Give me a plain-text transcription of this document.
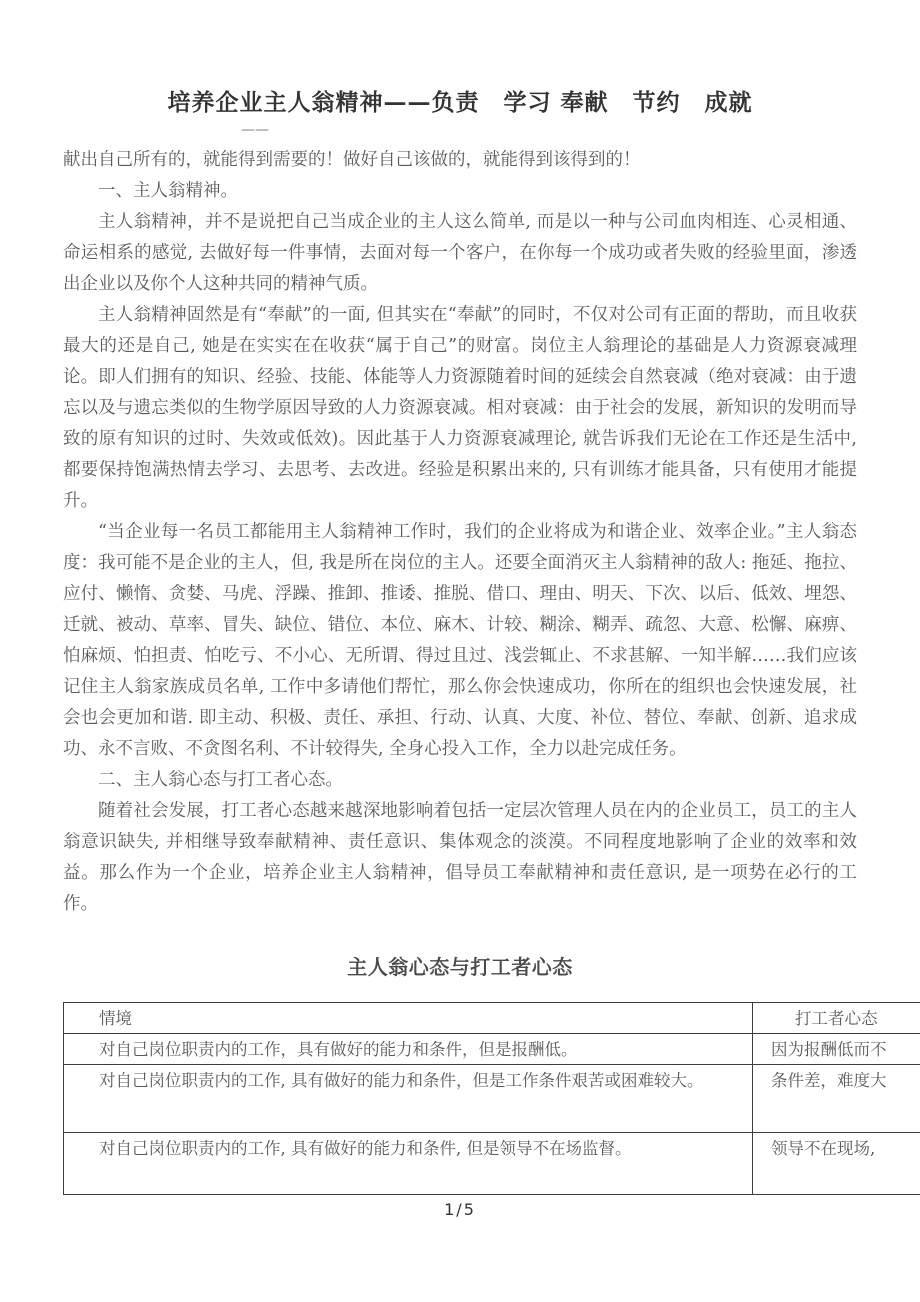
培养企业主人翁精神——负责　学习 奉献　节约　成就
——

献出自己所有的，就能得到需要的！做好自己该做的，就能得到该得到的！

一、主人翁精神。

主人翁精神，并不是说把自己当成企业的主人这么简单, 而是以一种与公司血肉相连、心灵相通、命运相系的感觉, 去做好每一件事情，去面对每一个客户，在你每一个成功或者失败的经验里面，渗透出企业以及你个人这种共同的精神气质。

主人翁精神固然是有“奉献”的一面, 但其实在“奉献”的同时，不仅对公司有正面的帮助，而且收获最大的还是自己, 她是在实实在在收获“属于自己”的财富。岗位主人翁理论的基础是人力资源衰减理论。即人们拥有的知识、经验、技能、体能等人力资源随着时间的延续会自然衰减（绝对衰减：由于遗忘以及与遗忘类似的生物学原因导致的人力资源衰减。相对衰减：由于社会的发展，新知识的发明而导致的原有知识的过时、失效或低效)。因此基于人力资源衰减理论, 就告诉我们无论在工作还是生活中, 都要保持饱满热情去学习、去思考、去改进。经验是积累出来的, 只有训练才能具备，只有使用才能提升。

“当企业每一名员工都能用主人翁精神工作时，我们的企业将成为和谐企业、效率企业。”主人翁态度：我可能不是企业的主人，但, 我是所在岗位的主人。还要全面消灭主人翁精神的敌人: 拖延、拖拉、应付、懒惰、贪婪、马虎、浮躁、推卸、推诿、推脱、借口、理由、明天、下次、以后、低效、埋怨、迁就、被动、草率、冒失、缺位、错位、本位、麻木、计较、糊涂、糊弄、疏忽、大意、松懈、麻痹、怕麻烦、怕担责、怕吃亏、不小心、无所谓、得过且过、浅尝辄止、不求甚解、一知半解……我们应该记住主人翁家族成员名单, 工作中多请他们帮忙，那么你会快速成功，你所在的组织也会快速发展，社会也会更加和谐. 即主动、积极、责任、承担、行动、认真、大度、补位、替位、奉献、创新、追求成功、永不言败、不贪图名利、不计较得失, 全身心投入工作，全力以赴完成任务。

二、主人翁心态与打工者心态。

随着社会发展，打工者心态越来越深地影响着包括一定层次管理人员在内的企业员工，员工的主人翁意识缺失, 并相继导致奉献精神、责任意识、集体观念的淡漠。不同程度地影响了企业的效率和效益。那么作为一个企业，培养企业主人翁精神，倡导员工奉献精神和责任意识, 是一项势在必行的工作。

主人翁心态与打工者心态
情境	打工者心态
对自己岗位职责内的工作，具有做好的能力和条件，但是报酬低。	因为报酬低而不
对自己岗位职责内的工作, 具有做好的能力和条件，但是工作条件艰苦或困难较大。	条件差，难度大
对自己岗位职责内的工作, 具有做好的能力和条件, 但是领导不在场监督。	领导不在现场,
1/5
